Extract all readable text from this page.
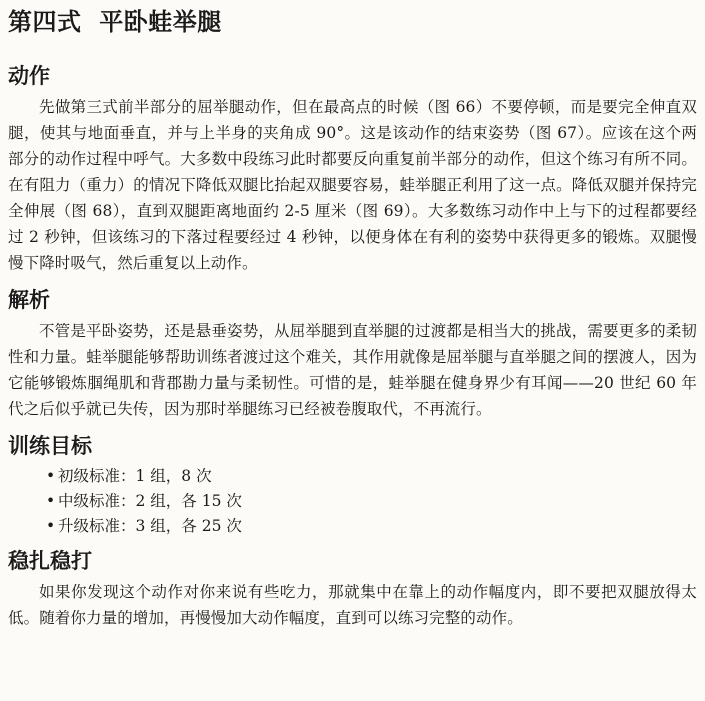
第四式  平卧蛙举腿
动作

先做第三式前半部分的屈举腿动作，但在最高点的时候（图 66）不要停顿，而是要完全伸直双腿，使其与地面垂直，并与上半身的夹角成 90°。这是该动作的结束姿势（图 67）。应该在这个两部分的动作过程中呼气。大多数中段练习此时都要反向重复前半部分的动作，但这个练习有所不同。在有阻力（重力）的情况下降低双腿比抬起双腿要容易，蛙举腿正利用了这一点。降低双腿并保持完全伸展（图 68），直到双腿距离地面约 2-5 厘米（图 69）。大多数练习动作中上与下的过程都要经过 2 秒钟，但该练习的下落过程要经过 4 秒钟，以便身体在有利的姿势中获得更多的锻炼。双腿慢慢下降时吸气，然后重复以上动作。

解析

不管是平卧姿势，还是悬垂姿势，从屈举腿到直举腿的过渡都是相当大的挑战，需要更多的柔韧性和力量。蛙举腿能够帮助训练者渡过这个难关，其作用就像是屈举腿与直举腿之间的摆渡人，因为它能够锻炼腘绳肌和背郡勘力量与柔韧性。可惜的是，蛙举腿在健身界少有耳闻——20 世纪 60 年代之后似乎就已失传，因为那时举腿练习已经被卷腹取代，不再流行。

训练目标
• 初级标准：1 组，8 次
• 中级标准：2 组，各 15 次
• 升级标准：3 组，各 25 次
稳扎稳打

如果你发现这个动作对你来说有些吃力，那就集中在靠上的动作幅度内，即不要把双腿放得太低。随着你力量的增加，再慢慢加大动作幅度，直到可以练习完整的动作。
